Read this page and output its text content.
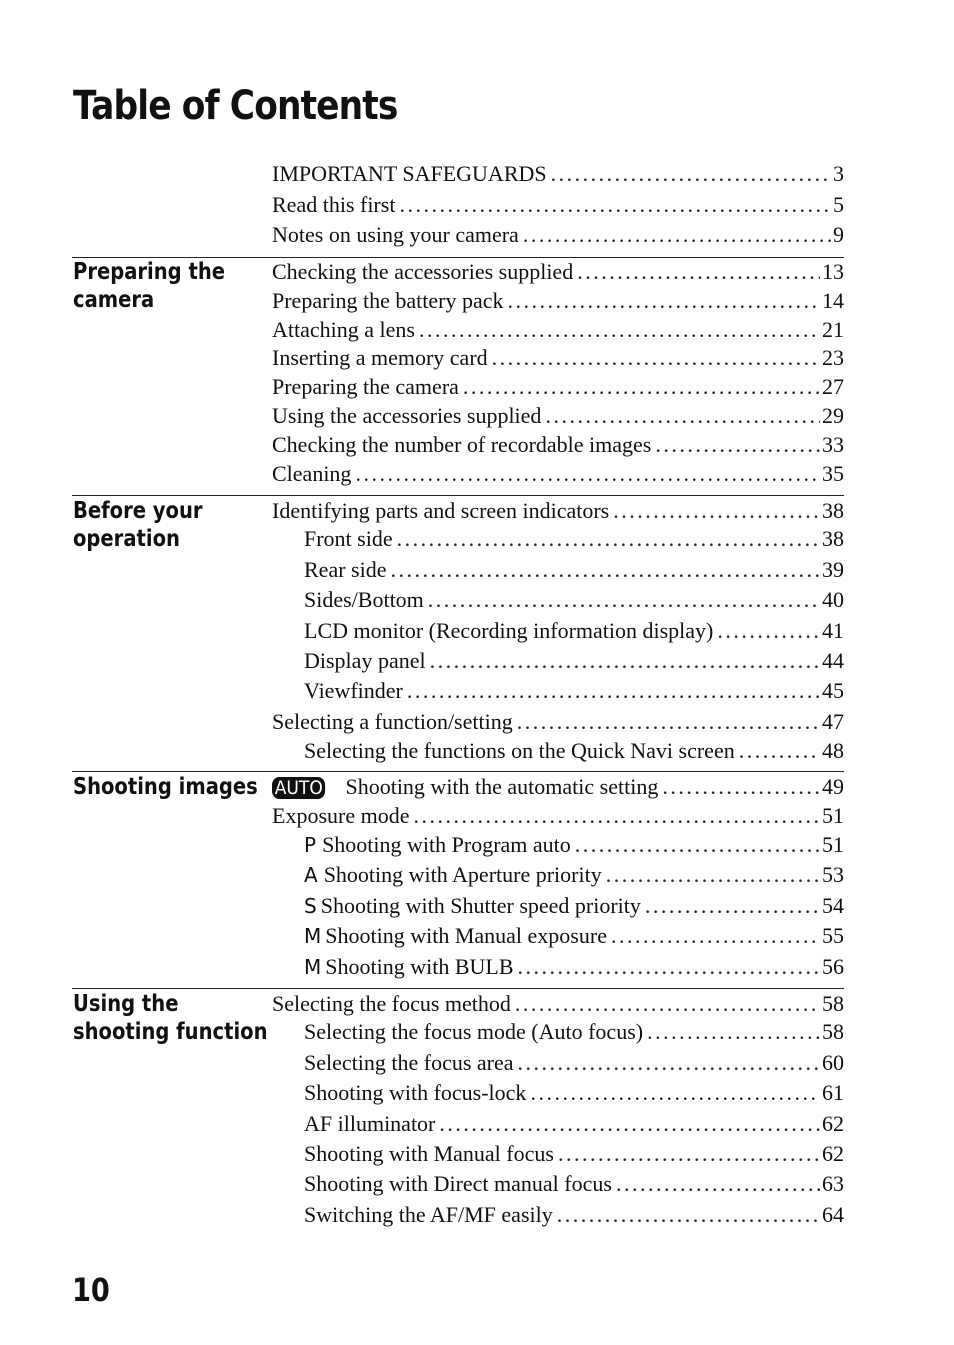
Table of Contents
IMPORTANT SAFEGUARDS . . .	3
Read this first . . .	5
Notes on using your camera . . .	9
Preparing the
camera
Checking the accessories supplied . . .	13
Preparing the battery pack . . .	14
Attaching a lens . . .	21
Inserting a memory card . . .	23
Preparing the camera . . .	27
Using the accessories supplied . . .	29
Checking the number of recordable images . . .	33
Cleaning . . .	35
Before your
operation
Identifying parts and screen indicators . . .	38
Front side . . .	38
Rear side . . .	39
Sides/Bottom . . .	40
LCD monitor (Recording information display) . . .	41
Display panel . . .	44
Viewfinder . . .	45
Selecting a function/setting . . .	47
Selecting the functions on the Quick Navi screen . . .	48
Shooting images AUTO Shooting with the automatic setting . . .	49
Exposure mode . . .	51
P Shooting with Program auto . . .	51
A Shooting with Aperture priority . . .	53
S Shooting with Shutter speed priority . . .	54
M Shooting with Manual exposure . . .	55
M Shooting with BULB . . .	56
Using the
shooting function
Selecting the focus method . . .	58
Selecting the focus mode (Auto focus) . . .	58
Selecting the focus area . . .	60
Shooting with focus-lock . . .	61
AF illuminator . . .	62
Shooting with Manual focus . . .	62
Shooting with Direct manual focus . . .	63
Switching the AF/MF easily . . .	64
10
